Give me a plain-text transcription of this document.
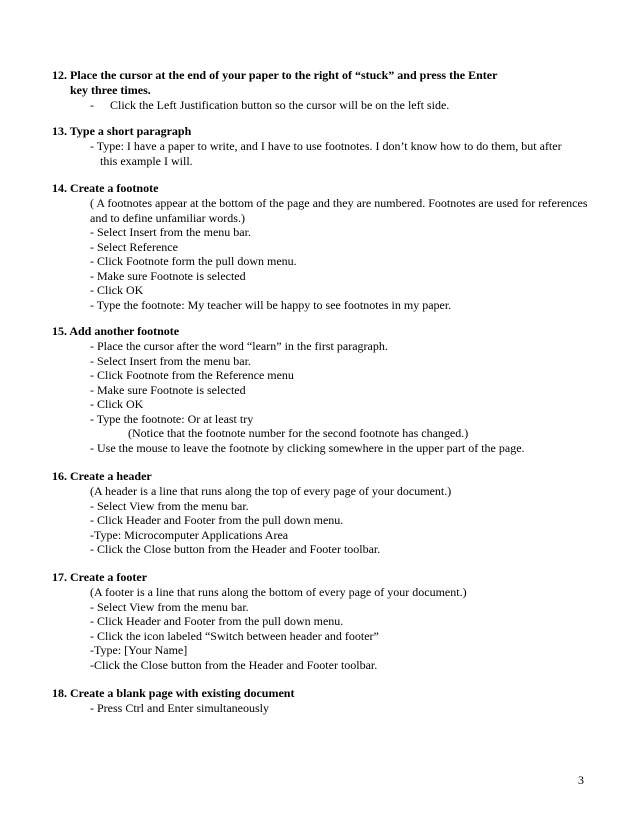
12. Place the cursor at the end of your paper to the right of “stuck” and press the Enter
key three times.
- Click the Left Justification button so the cursor will be on the left side.
13. Type a short paragraph
- Type: I have a paper to write, and I have to use footnotes. I don’t know how to do them, but after
this example I will.
14. Create a footnote
( A footnotes appear at the bottom of the page and they are numbered. Footnotes are used for references and to define unfamiliar words.)
- Select Insert from the menu bar.
- Select Reference
- Click Footnote form the pull down menu.
- Make sure Footnote is selected
- Click OK
- Type the footnote: My teacher will be happy to see footnotes in my paper.
15. Add another footnote
- Place the cursor after the word “learn” in the first paragraph.
- Select Insert from the menu bar.
- Click Footnote from the Reference menu
- Make sure Footnote is selected
- Click OK
- Type the footnote: Or at least try
(Notice that the footnote number for the second footnote has changed.)
- Use the mouse to leave the footnote by clicking somewhere in the upper part of the page.
16. Create a header
(A header is a line that runs along the top of every page of your document.)
- Select View from the menu bar.
- Click Header and Footer from the pull down menu.
-Type: Microcomputer Applications Area
- Click the Close button from the Header and Footer toolbar.
17. Create a footer
(A footer is a line that runs along the bottom of every page of your document.)
- Select View from the menu bar.
- Click Header and Footer from the pull down menu.
- Click the icon labeled “Switch between header and footer”
-Type: [Your Name]
-Click the Close button from the Header and Footer toolbar.
18. Create a blank page with existing document
- Press Ctrl and Enter simultaneously
3
